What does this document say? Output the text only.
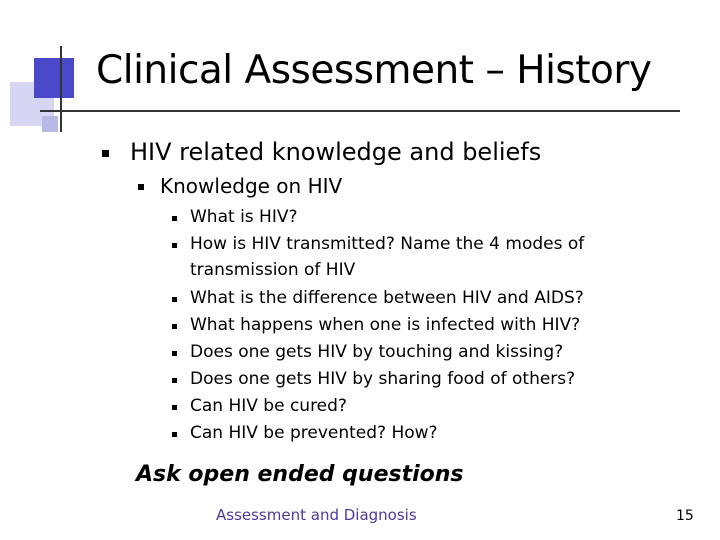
Clinical Assessment – History
HIV related knowledge and beliefs
Knowledge on HIV
What is HIV?
How is HIV transmitted? Name the 4 modes of
transmission of HIV
What is the difference between HIV and AIDS?
What happens when one is infected with HIV?
Does one gets HIV by touching and kissing?
Does one gets HIV by sharing food of others?
Can HIV be cured?
Can HIV be prevented? How?
Ask open ended questions
Assessment and Diagnosis	15
